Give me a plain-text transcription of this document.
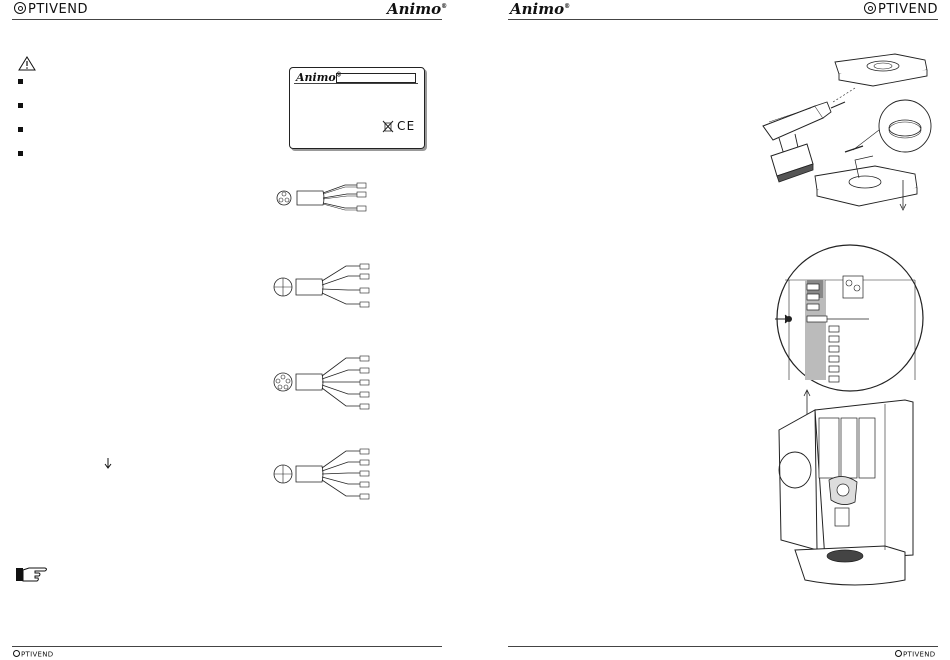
PTIVEND	Animo®
Animo®
C E
PTIVEND
Animo®	PTIVEND
PTIVEND
